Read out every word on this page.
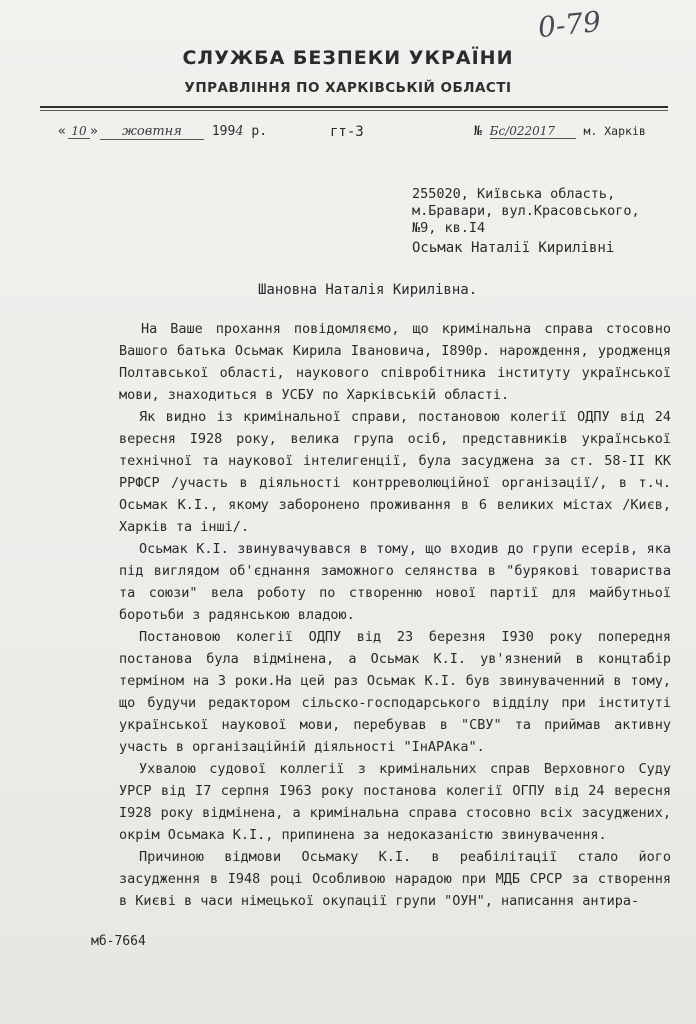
0-79
СЛУЖБА БЕЗПЕКИ УКРАЇНИ
УПРАВЛІННЯ ПО ХАРКІВСЬКІЙ ОБЛАСТІ
« 10 » жовтня 1994 р.	гт-3	№ Бс/022017 м. Харків
255020, Київська область,
м.Бравари, вул.Красовського,
№9, кв.I4
Осьмак Наталії Кирилівні
Шановна Наталія Кирилівна.

На Ваше прохання повідомляємо, що кримінальна справа стосовно Вашого батька Осьмак Кирила Івановича, I890р. нарождення, уродженця Полтавської області, наукового співробітника інституту української мови, знаходиться в УСБУ по Харківській області.

Як видно із кримінальної справи, постановою колегії ОДПУ від 24 вересня I928 року, велика група осіб, представників української технічної та наукової інтелигенції, була засуджена за ст. 58-II КК РРФСР /участь в діяльності контрреволюційної організації/, в т.ч. Осьмак К.І., якому заборонено проживання в 6 великих містах /Києв, Харків та інші/.

Осьмак К.І. звинувачувався в тому, що входив до групи есерів, яка під виглядом об'єднання заможного селянства в "бурякові товариства та союзи" вела роботу по створенню нової партії для майбутньої боротьби з радянською владою.

Постановою колегії ОДПУ від 23 березня I930 року попередня постанова була відмінена, а Осьмак К.І. ув'язнений в концтабір терміном на 3 роки.На цей раз Осьмак К.І. був звинуваченний в тому, що будучи редактором сільско-господарського відділу при інституті української наукової мови, перебував в "СВУ" та приймав активну участь в організаційній діяльності "ІнАРАка".

Ухвалою судової коллегії з кримінальних справ Верховного Суду УРСР від I7 серпня I963 року постанова колегії ОГПУ від 24 вересня I928 року відмінена, а кримінальна справа стосовно всіх засуджених, окрім Осьмака К.І., припинена за недоказаністю звинувачення.

Причиною відмови Осьмаку К.І. в реабілітації стало його засудження в I948 році Особливою нарадою при МДБ СРСР за створення в Києві в часи німецької окупації групи "ОУН", написання антира-

мб-7664
